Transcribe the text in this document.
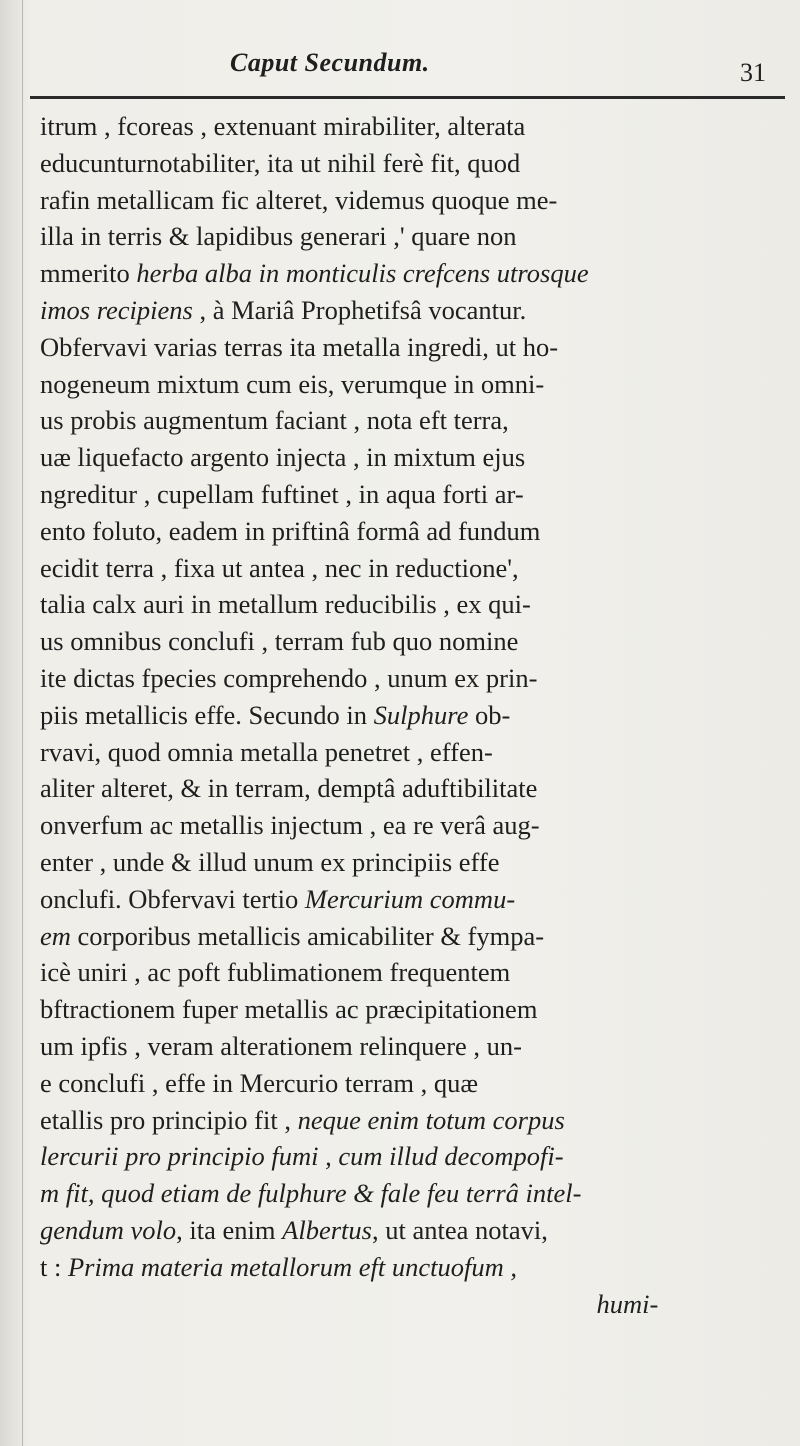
Caput Secundum.	31
itrum , fcoreas , extenuant mirabiliter, alterata
educunturnotabiliter, ita ut nihil ferè fit, quod
rafin metallicam fic alteret, videmus quoque me-
illa in terris & lapidibus generari ,' quare non
mmerito herba alba in monticulis crefcens utrosque
imos recipiens , à Mariâ Prophetifsâ vocantur.
Obfervavi varias terras ita metalla ingredi, ut ho-
nogeneum mixtum cum eis, verumque in omni-
us probis augmentum faciant , nota eft terra,
uæ liquefacto argento injecta , in mixtum ejus
ngreditur , cupellam fuftinet , in aqua forti ar-
ento foluto, eadem in priftinâ formâ ad fundum
ecidit terra , fixa ut antea , nec in reductione',
talia calx auri in metallum reducibilis , ex qui-
us omnibus conclufi , terram fub quo nomine
ite dictas fpecies comprehendo , unum ex prin-
piis metallicis effe. Secundo in Sulphure ob-
rvavi, quod omnia metalla penetret , effen-
aliter alteret, & in terram, demptâ aduftibilitate
onverfum ac metallis injectum , ea re verâ aug-
enter , unde & illud unum ex principiis effe
onclufi. Obfervavi tertio Mercurium commu-
em corporibus metallicis amicabiliter & fympa-
icè uniri , ac poft fublimationem frequentem
bftractionem fuper metallis ac præcipitationem
um ipfis , veram alterationem relinquere , un-
e conclufi , effe in Mercurio terram , quæ
etallis pro principio fit , neque enim totum corpus
lercurii pro principio fumi , cum illud decompofi-
m fit, quod etiam de fulphure & fale feu terrâ intel-
gendum volo, ita enim Albertus, ut antea notavi,
t : Prima materia metallorum eft unctuofum ,
humi-
